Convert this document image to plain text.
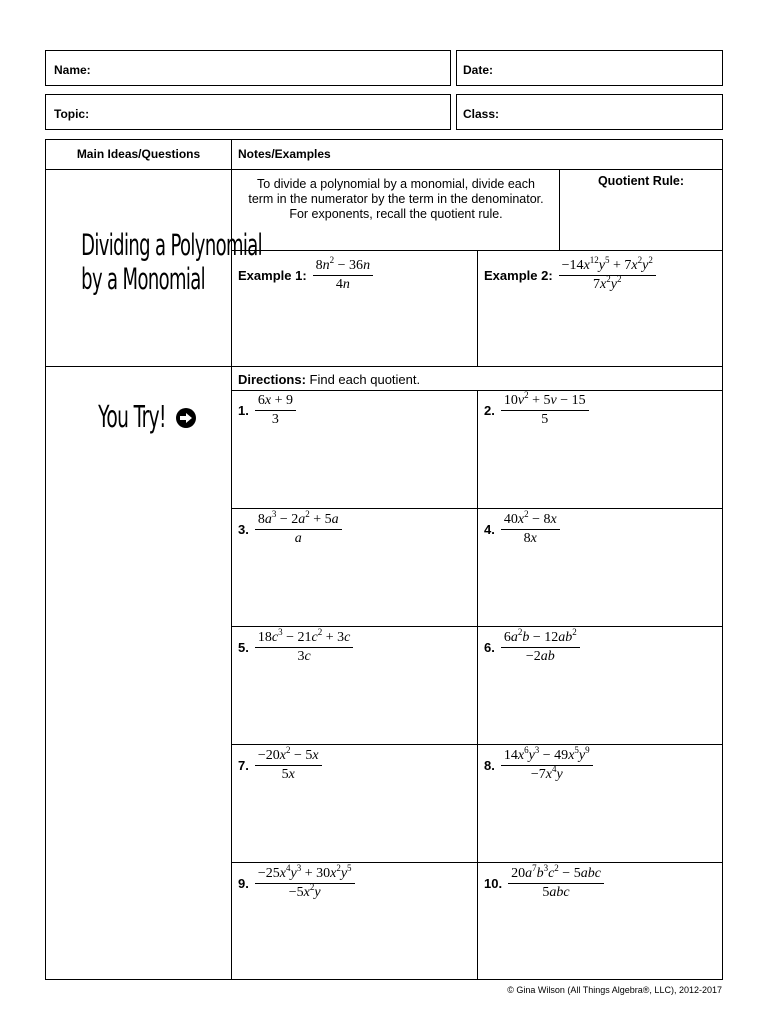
Name:	Date:
Topic:	Class:
Main Ideas/Questions	Notes/Examples
Dividing a Polynomial
by a Monomial
To divide a polynomial by a monomial, divide each term in the numerator by the term in the denominator. For exponents, recall the quotient rule.
Quotient Rule:
Example 1: $\frac{8n^2 - 36n}{4n}$	Example 2: $\frac{-14x^{12}y^5 + 7x^2y^2}{7x^2y^2}$
You Try!
Directions: Find each quotient.
1. $\frac{6x + 9}{3}$	2. $\frac{10v^2 + 5v - 15}{5}$
3. $\frac{8a^3 - 2a^2 + 5a}{a}$	4. $\frac{40x^2 - 8x}{8x}$
5. $\frac{18c^3 - 21c^2 + 3c}{3c}$	6. $\frac{6a^2b - 12ab^2}{-2ab}$
7. $\frac{-20x^2 - 5x}{5x}$	8. $\frac{14x^6y^3 - 49x^5y^9}{-7x^4y}$
9. $\frac{-25x^4y^3 + 30x^2y^5}{-5x^2y}$	10. $\frac{20a^7b^3c^2 - 5abc}{\text{5abc}}$
© Gina Wilson (All Things Algebra®, LLC), 2012-2017
